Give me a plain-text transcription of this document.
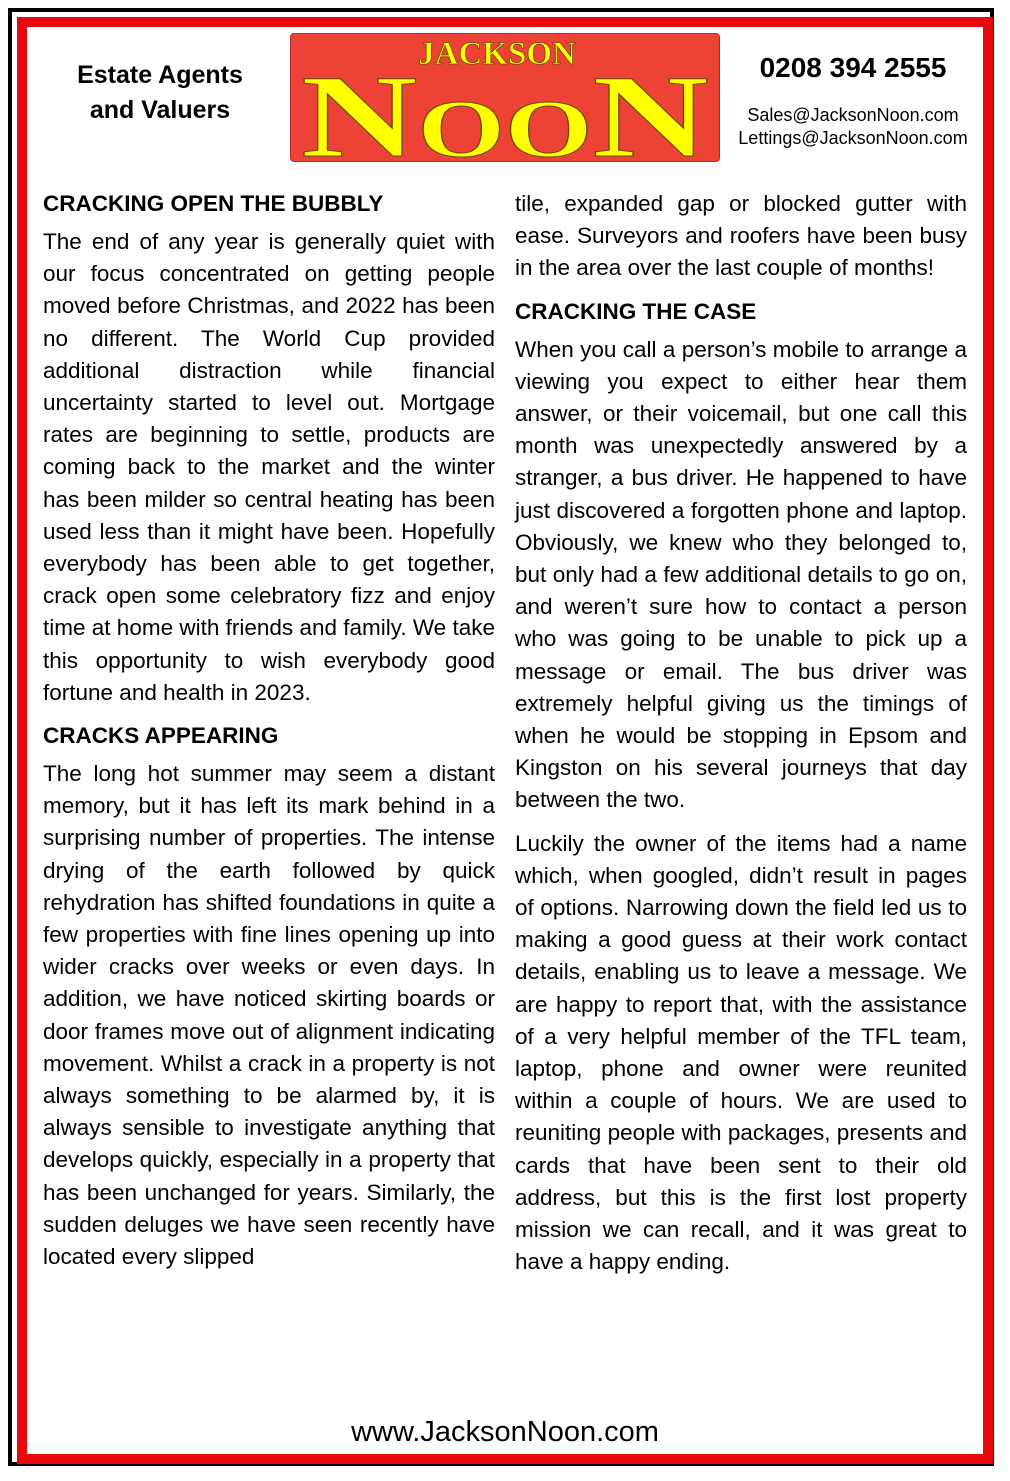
Estate Agents
and Valuers
JACKSON
N OO N	0208 394 2555
Sales@JacksonNoon.com
Lettings@JacksonNoon.com
CRACKING OPEN THE BUBBLY

The end of any year is generally quiet with our focus concentrated on getting people moved before Christmas, and 2022 has been no different. The World Cup provided additional distraction while financial uncertainty started to level out. Mortgage rates are beginning to settle, products are coming back to the market and the winter has been milder so central heating has been used less than it might have been. Hopefully everybody has been able to get together, crack open some celebratory fizz and enjoy time at home with friends and family. We take this opportunity to wish everybody good fortune and health in 2023.

CRACKS APPEARING

The long hot summer may seem a distant memory, but it has left its mark behind in a surprising number of properties. The intense drying of the earth followed by quick rehydration has shifted foundations in quite a few properties with fine lines opening up into wider cracks over weeks or even days. In addition, we have noticed skirting boards or door frames move out of alignment indicating movement. Whilst a crack in a property is not always something to be alarmed by, it is always sensible to investigate anything that develops quickly, especially in a property that has been unchanged for years. Similarly, the sudden deluges we have seen recently have located every slipped

tile, expanded gap or blocked gutter with ease. Surveyors and roofers have been busy in the area over the last couple of months!

CRACKING THE CASE

When you call a person’s mobile to arrange a viewing you expect to either hear them answer, or their voicemail, but one call this month was unexpectedly answered by a stranger, a bus driver. He happened to have just discovered a forgotten phone and laptop. Obviously, we knew who they belonged to, but only had a few additional details to go on, and weren’t sure how to contact a person who was going to be unable to pick up a message or email. The bus driver was extremely helpful giving us the timings of when he would be stopping in Epsom and Kingston on his several journeys that day between the two.

Luckily the owner of the items had a name which, when googled, didn’t result in pages of options. Narrowing down the field led us to making a good guess at their work contact details, enabling us to leave a message. We are happy to report that, with the assistance of a very helpful member of the TFL team, laptop, phone and owner were reunited within a couple of hours. We are used to reuniting people with packages, presents and cards that have been sent to their old address, but this is the first lost property mission we can recall, and it was great to have a happy ending.

www.JacksonNoon.com
